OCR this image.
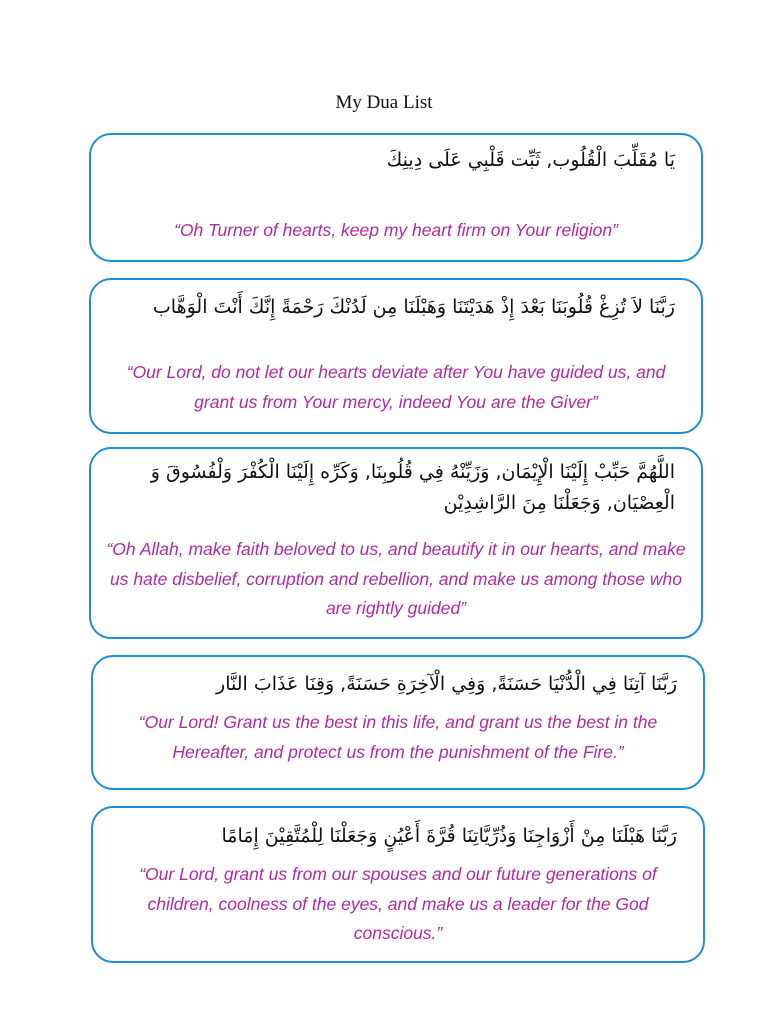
My Dua List
يَا مُقَلِّبَ الْقُلُوب, ثَبِّت قَلْبِي عَلَى دِينِكَ
“Oh Turner of hearts, keep my heart firm on Your religion”
رَبَّنَا لاَ تُزِغْ قُلُوبَنَا بَعْدَ إِذْ هَدَيْتَنَا وَهَبْلَنَا مِن لَدُنْكَ رَحْمَةً إِنَّكَ أَنْتَ الْوَهَّاب
“Our Lord, do not let our hearts deviate after You have guided us, and grant us from Your mercy, indeed You are the Giver”
اللَّهُمَّ حَبِّبْ إِلَيْنَا الْإِيْمَان, وَزَيِّنْهُ فِي قُلُوبِنَا, وَكَرِّه إِلَيْنَا الْكُفْرَ وَلْفُسُوقَ وَ الْعِصْيَان, وَجَعَلْنَا مِنَ الرَّاشِدِيْن
“Oh Allah, make faith beloved to us, and beautify it in our hearts, and make us hate disbelief, corruption and rebellion, and make us among those who are rightly guided”
رَبَّنَا آتِنَا فِي الْدُّنْيَا حَسَنَةً, وَفِي الْآخِرَةِ حَسَنَةً, وَقِنَا عَذَابَ النَّار
“Our Lord! Grant us the best in this life, and grant us the best in the Hereafter, and protect us from the punishment of the Fire.”
رَبَّنَا هَبْلَنَا مِنْ أَزْوَاجِنَا وَذُرِّيَّاتِنَا قُرَّةَ أَعْيُنٍ وَجَعَلْنَا لِلْمُتَّقِيْنَ إِمَامًا
“Our Lord, grant us from our spouses and our future generations of children, coolness of the eyes, and make us a leader for the God conscious.”
